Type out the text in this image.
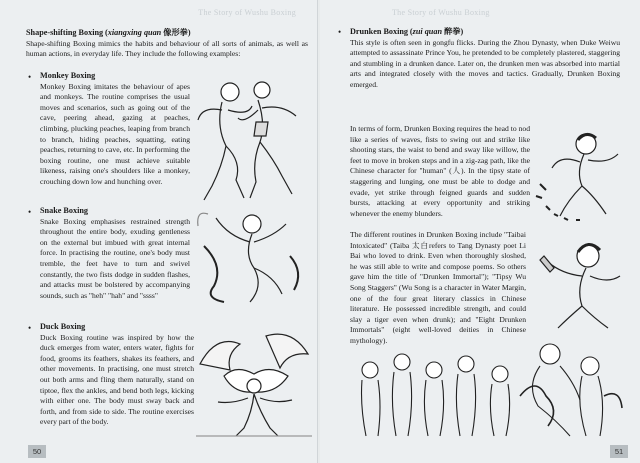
The Story of Wushu Boxing
Shape-shifting Boxing (xiangxing quan 像形拳)
Shape-shifting Boxing mimics the habits and behaviour of all sorts of animals, as well as human actions, in everyday life. They include the following examples:
• Monkey Boxing
Monkey Boxing imitates the behaviour of apes and monkeys. The routine comprises the usual moves and scenarios, such as going out of the cave, peering ahead, gazing at peaches, climbing, plucking peaches, leaping from branch to branch, hiding peaches, squatting, eating peaches, returning to cave, etc. In performing the boxing routine, one must achieve suitable likeness, raising one's shoulders like a monkey, crouching down low and hunching over.
• Snake Boxing
Snake Boxing emphasises restrained strength throughout the entire body, exuding gentleness on the external but imbued with great internal force. In practising the routine, one's body must tremble, the feet have to turn and swivel constantly, the two fists dodge in sudden flashes, and attacks must be bolstered by accompanying sounds, such as "heh" "hah" and "ssss"
• Duck Boxing
Duck Boxing routine was inspired by how the duck emerges from water, enters water, fights for food, grooms its feathers, shakes its feathers, and other movements. In practising, one must stretch out both arms and fling them naturally, stand on tiptoe, flex the ankles, and bend both legs, kicking with either one. The body must sway back and forth, and from side to side. The routine exercises every part of the body.
50
The Story of Wushu Boxing
• Drunken Boxing (zui quan 醉拳)
This style is often seen in gongfu flicks. During the Zhou Dynasty, when Duke Weiwu attempted to assassinate Prince You, he pretended to be completely plastered, staggering and stumbling in a drunken dance. Later on, the drunken men was absorbed into martial arts and integrated closely with the moves and tactics. Gradually, Drunken Boxing emerged.
In terms of form, Drunken Boxing requires the head to nod like a series of waves, fists to swing out and strike like shooting stars, the waist to bend and sway like willow, the feet to move in broken steps and in a zig-zag path, like the Chinese character for "human" (人). In the tipsy state of staggering and lunging, one must be able to dodge and evade, yet strike through feigned guards and sudden bursts, attacking at every opportunity and striking whenever the enemy blunders.
The different routines in Drunken Boxing include "Taibai Intoxicated" (Taiba 太白refers to Tang Dynasty poet Li Bai who loved to drink. Even when thoroughly sloshed, he was still able to write and compose poems. So others gave him the title of "Drunken Immortal"); "Tipsy Wu Song Staggers" (Wu Song is a character in Water Margin, one of the four great literary classics in Chinese literature. He possessed incredible strength, and could slay a tiger even when drunk); and "Eight Drunken Immortals" (eight well-loved deities in Chinese mythology).
51
